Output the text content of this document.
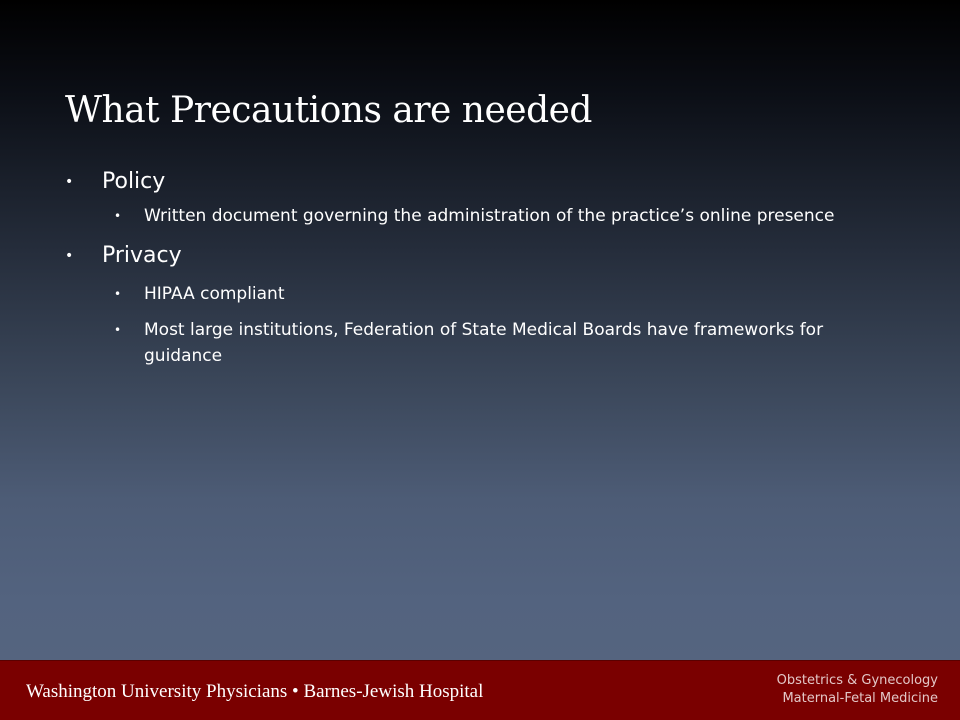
What Precautions are needed

• Policy

• Written document governing the administration of the practice’s online presence

• Privacy

• HIPAA compliant

• Most large institutions, Federation of State Medical Boards have frameworks for guidance

Washington University Physicians • Barnes-Jewish Hospital
Obstetrics & Gynecology
Maternal-Fetal Medicine
